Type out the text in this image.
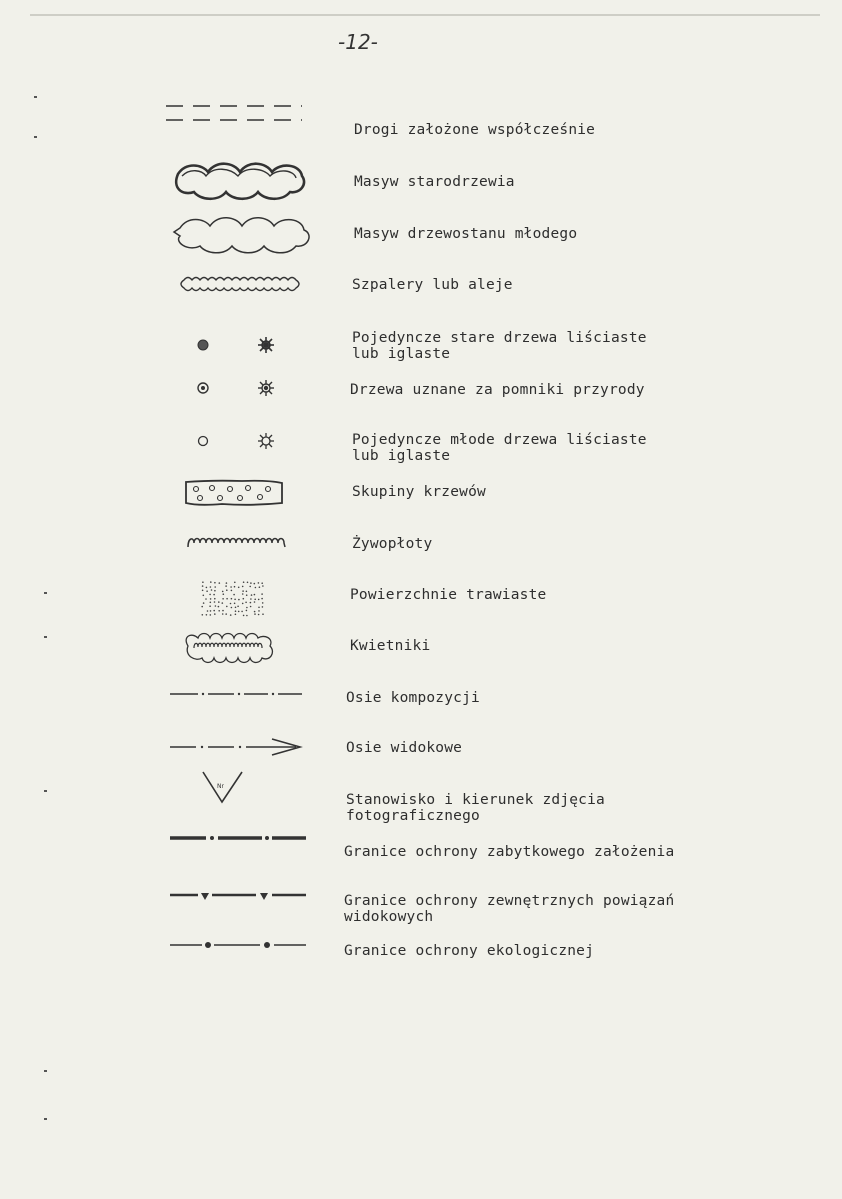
-12-
Drogi założone współcześnie
Masyw starodrzewia
Masyw drzewostanu młodego
Szpalery lub aleje
Pojedyncze stare drzewa liściaste
lub iglaste
Drzewa uznane za pomniki przyrody
Pojedyncze młode drzewa liściaste
lub iglaste
Skupiny krzewów
Żywopłoty
Powierzchnie trawiaste
Kwietniki
Osie kompozycji
Osie widokowe
Nr
Stanowisko i kierunek zdjęcia
fotograficznego
Granice ochrony zabytkowego założenia
Granice ochrony zewnętrznych powiązań
widokowych
Granice ochrony ekologicznej
